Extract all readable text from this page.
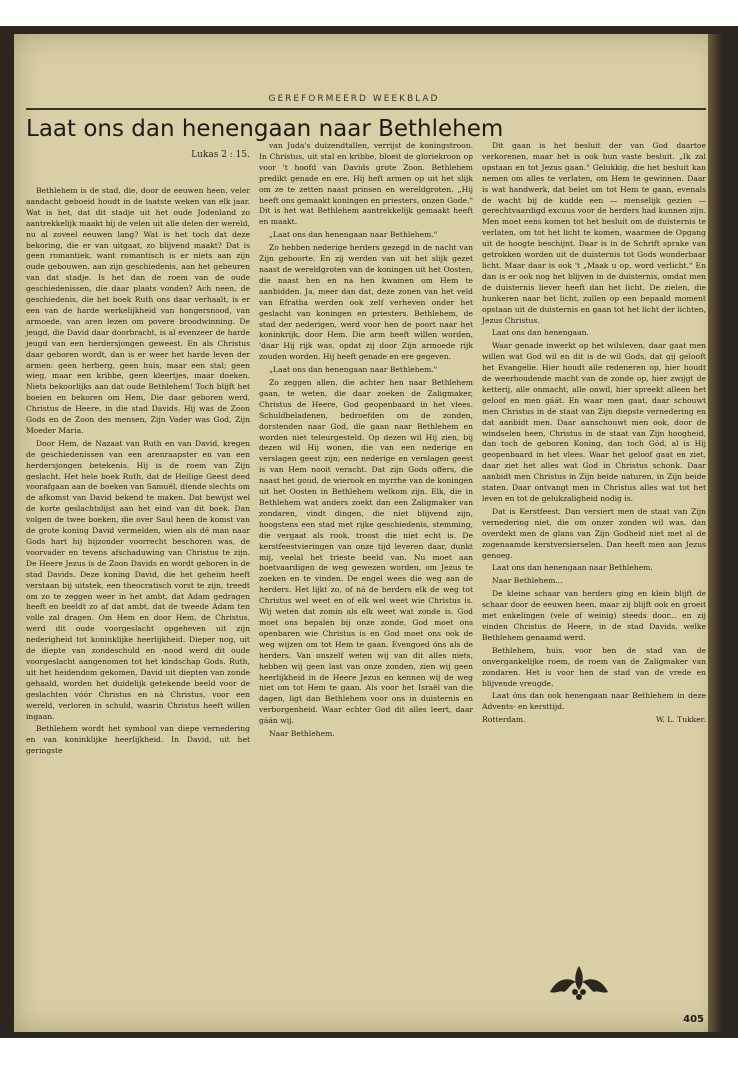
GEREFORMEERD WEEKBLAD
Laat ons dan henengaan naar Bethlehem
Lukas 2 : 15.

Bethlehem is de stad, die, door de eeuwen heen, veler aandacht geboeid houdt in de laatste weken van elk jaar. Wat is het, dat dit stadje uit het oude Jodenland zo aantrekkelijk maakt bij de velen uit alle delen der wereld, nu al zoveel eeuwen lang? Wat is het toch dat deze bekoring, die er van uitgaat, zo blijvend maakt? Dat is geen romantiek, want romantisch is er niets aan zijn oude gebouwen, aan zijn geschiedenis, aan het gebeuren van dat stadje. Is het dan de roem van de oude geschiedenissen, die daar plaats vonden? Ach neen, de geschiedenis, die het boek Ruth ons daar verhaalt, is er een van de harde werkelijkheid van hongersnood, van armoede, van aren lezen om povere broodwinning. De jeugd, die David daar doorbracht, is al evenzeer de harde jeugd van een herdersjongen geweest. En als Christus daar geboren wordt, dan is er weer het harde leven der armen: geen herberg, geen huis, maar een stal; geen wieg, maar een kribbe, geen kleertjes, maar doeken. Niets bekoorlijks aan dat oude Bethlehem! Toch blijft het boeien en bekoren om Hem, Die daar geboren werd, Christus de Heere, in die stad Davids. Hij was de Zoon Gods en de Zoon des mensen, Zijn Vader was God, Zijn Moeder Maria.

Door Hem, de Nazaat van Ruth en van David, kregen de geschiedenissen van een arenraapster en van een herdersjongen betekenis. Hij is de roem van Zijn geslacht. Het hele boek Ruth, dat de Heilige Geest deed voorafgaan aan de boeken van Samuël, diende slechts om de afkomst van David bekend te maken. Dat bewijst wel de korte geslachtslijst aan het eind van dit boek. Dan volgen de twee boeken, die over Saul heen de komst van de grote koning David vermelden, wien als dé man naar Gods hart hij bijzonder voorrecht beschoren was, de voorvader en tevens afschaduwing van Christus te zijn. De Heere Jezus is de Zoon Davids en wordt geboren in de stad Davids. Deze koning David, die het geheim heeft verstaan bij uitstek, een theocratisch vorst te zijn, treedt om zo te zeggen weer in het ambt, dat Adam gedragen heeft en beeldt zo af dat ambt, dat de tweede Adam ten volle zal dragen. Om Hem en door Hem, de Christus, werd dit oude voorgeslacht opgeheven uit zijn nederigheid tot koninklijke heerlijkheid. Dieper nog, uit de diepte van zondeschuld en -nood werd dit oude voorgeslacht aangenomen tot het kindschap Gods. Ruth, uit het heidendom gekomen, David uit diepten van zonde gehaald, worden het duidelijk getekende beeld voor de geslachten vóór Christus en ná Christus, voor een wereld, verloren in schuld, waarin Christus heeft willen ingaan.

Bethlehem wordt het symbool van diepe vernedering en van koninklijke heerlijkheid. In David, uit het geringste

van Juda's duizendtallen, verrijst de koningstroon. In Christus, uit stal en kribbe, bloeit de gloriekroon op voor 't hoofd van Davids grote Zoon. Bethlehem predikt genade en ere. Hij heft armen op uit het slijk om ze te zetten naast prinsen en wereldgroten. „Hij heeft ons gemaakt koningen en priesters, onzen Gode." Dit is het wat Bethlehem aantrekkelijk gemaakt heeft en maakt.

„Laat ons dan henengaan naar Bethlehem."

Zo hebben nederige herders gezegd in de nacht van Zijn geboorte. En zij werden van uit het slijk gezet naast de wereldgroten van de koningen uit het Oosten, die naast hen en na hen kwamen om Hem te aanbidden. Ja, meer dan dat, deze zonen van het veld van Efratha werden ook zelf verheven onder het geslacht van koningen en priesters. Bethlehem, de stad der nederigen, werd voor hen de poort naar het koninkrijk, door Hem. Die arm heeft willen worden, 'daar Hij rijk was, opdat zij door Zijn armoede rijk zouden worden. Hij heeft genade en ere gegeven.

„Laat ons dan henengaan naar Bethlehem."

Zo zeggen allen, die achter hen naar Bethlehem gaan, te weten, die daar zoeken de Zaligmaker, Christus de Heere, God geopenbaard in het vlees. Schuldbeladenen, bedroefden om de zonden, dorstenden naar God, die gaan naar Bethlehem en worden niet teleurgesteld. Op dezen wil Hij zien, bij dezen wil Hij wonen, die van een nederige en verslagen geest zijn; een nederige en verslagen geest is van Hem nooit veracht. Dat zijn Gods offers, die naast het goud, de wierook en myrrhe van de koningen uit het Oosten in Bethlehem welkom zijn. Elk, die in Bethlehem wat anders zoekt dan een Zaligmaker van zondaren, vindt dingen, die niet blijvend zijn, hoogstens een stad met rijke geschiedenis, stemming, die vergaat als rook, troost die niet echt is. De kerstfeestvieringen van onze tijd leveren daar, dunkt mij, veelal het trieste beeld van. Nu moet aan boetvaardigen de weg gewezen worden, om Jezus te zoeken en te vinden. De engel wees die weg aan de herders. Het lijkt zo, of ná de herders elk de weg tot Christus wel weet en of elk wel weet wie Christus is. Wij weten dat zomin als elk weet wat zonde is. God moet ons bepalen bij onze zonde, God moet ons openbaren wie Christus is en God moet ons ook de weg wijzen om tot Hem te gaan. Evengoed óns als de herders. Van onszelf weten wij van dit alles niets, hebben wij geen last van onze zonden, zien wij geen heerlijkheid in de Heere Jezus en kennen wij de weg niet om tot Hem te gaan. Als voor het Israël van die dagen, ligt dan Bethlehem voor ons in duisternis en verborgenheid. Waar echter God dit alles leert, daar gáán wij.

Naar Bethlehem.

Dit gaan is het besluit der van God daartoe verkorenen, maar het is ook hun vaste besluit. „Ik zal opstaan en tot Jezus gaan." Gelukkig, die het besluit kan nemen om alles te verlaten, om Hem te gewinnen. Daar is wat handwerk, dat belet om tot Hem te gaan, evenals de wacht bij de kudde een — menselijk gezien — gerechtvaardigd excuus voor de herders had kunnen zijn. Men moet eens komen tot het besluit om de duisternis te verlaten, om tot het licht te komen, waarmee de Opgang uit de hoogte beschijnt. Daar is in de Schrift sprake van getrokken worden uit de duisternis tot Gods wonderbaar licht. Maar daar is ook 't „Maak u op, word verlicht." En dan is er ook nog het blijven in de duisternis, omdat men de duisternis liever heeft dan het licht. De zielen, die hunkeren naar het licht, zullen op een bepaald moment opstaan uit de duisternis en gaan tot het licht der lichten, Jezus Christus.

Laat ons dan henengaan.

Waar genade inwerkt op het wilsleven, daar gaat men willen wat God wil en dit is de wil Gods, dat gij gelooft het Evangelie. Hier houdt alle redeneren op, hier houdt de weerhoudende macht van de zonde op, hier zwijgt de ketterij, alle onmacht, alle onwil, hier spreekt alleen het geloof en men gáát. En waar men gaat, daar schouwt men Christus in de staat van Zijn diepste vernedering en dat aanbidt men. Daar aanschouwt men ook, door de windselen heen, Christus in de staat van Zijn hoogheid, dan toch de geboren Koning, dan toch Gód, al is Hij geopenbaard in het vlees. Waar het geloof gaat en ziet, daar ziet het alles wat God in Christus schonk. Daar aanbidt men Christus in Zijn beide naturen, in Zijn beide staten. Daar ontvangt men in Christus alles wat tot het leven en tot de gelukzaligheid nodig is.

Dat is Kerstfeest. Dan versiert men de staat van Zijn vernedering niet, die om onzer zonden wil was, dan overdekt men de glans van Zijn Godheid niet met al de zogenaamde kerstversierselen. Dan heeft men aan Jezus genoeg.

Laat ons dan henengaan naar Bethlehem.

Naar Bethlehem...

De kleine schaar van herders ging en klein blijft de schaar door de eeuwen heen, maar zij blijft ook en groeit met enkelingen (vele of weinig) steeds door... en zij vinden Christus de Heere, in de stad Davids, welke Bethlehem genaamd werd.

Bethlehem, huis, voor hen de stad van de onvergankelijke roem, de roem van de Zaligmaker van zondaren. Het is voor hen de stad van de vrede en blijvende vreugde.

Laat óns dan ook henengaan naar Bethlehem in deze Advents- en kersttijd.

Rotterdam.	W. L. Tukker.
405
